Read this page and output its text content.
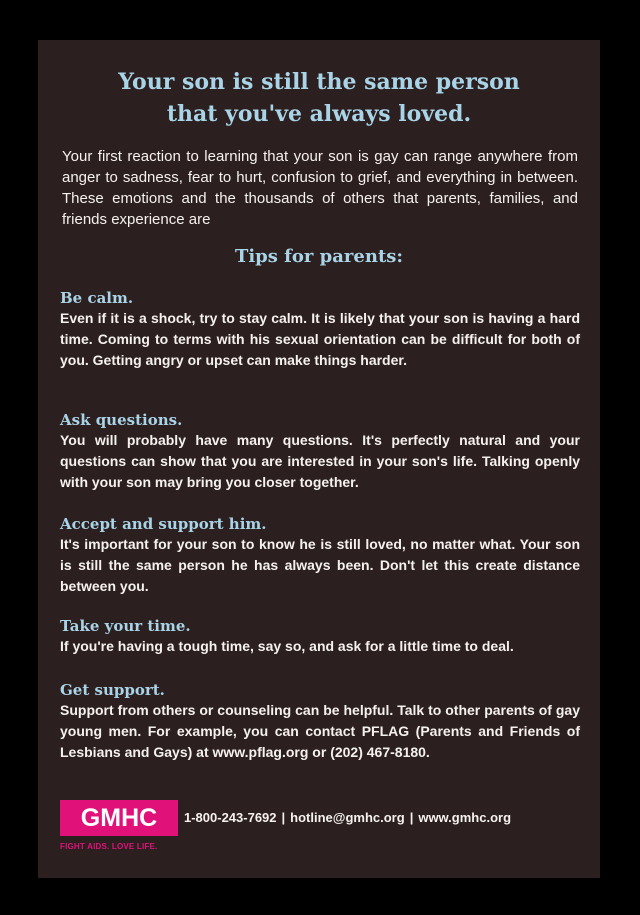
Your son is still the same person
that you've always loved.

Your first reaction to learning that your son is gay can range anywhere from anger to sadness, fear to hurt, confusion to grief, and everything in between. These emotions and the thousands of others that parents, families, and friends experience are

Tips for parents:
Be calm.

Even if it is a shock, try to stay calm. It is likely that your son is having a hard time. Coming to terms with his sexual orientation can be difficult for both of you. Getting angry or upset can make things harder.

Ask questions.

You will probably have many questions. It's perfectly natural and your questions can show that you are interested in your son's life. Talking openly with your son may bring you closer together.

Accept and support him.

It's important for your son to know he is still loved, no matter what. Your son is still the same person he has always been. Don't let this create distance between you.

Take your time.

If you're having a tough time, say so, and ask for a little time to deal.

Get support.

Support from others or counseling can be helpful. Talk to other parents of gay young men. For example, you can contact PFLAG (Parents and Friends of Lesbians and Gays) at www.pflag.org or (202) 467-8180.

GMHC
FIGHT AIDS. LOVE LIFE.
1-800-243-7692 | hotline@gmhc.org | www.gmhc.org
